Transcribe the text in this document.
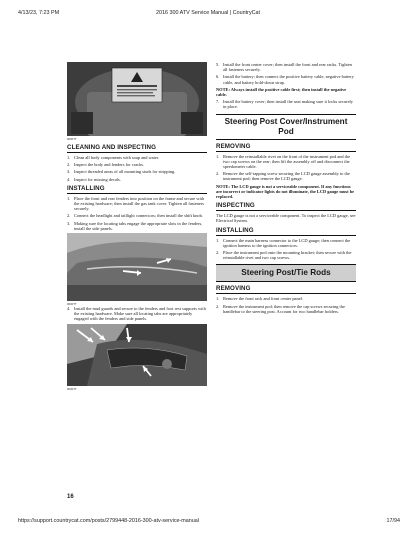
4/13/23, 7:23 PM	2016 300 ATV Service Manual | CountryCat
0000TT
CLEANING AND INSPECTING
1. Clean all body components with soap and water.
2. Inspect the body and fenders for cracks.
3. Inspect threaded areas of all mounting studs for stripping.
4. Inspect for missing decals.
INSTALLING
1. Place the front and rear fenders into position on the frame and secure with the existing hardware; then install the gas tank cover. Tighten all fasteners securely.
2. Connect the headlight and taillight connectors; then install the shift knob.
3. Making sure the locating tabs engage the appropriate slots in the fenders, install the side panels.
0000TT
4. Install the mud guards and secure to the fenders and foot rest supports with the existing hardware. Make sure all locating tabs are appropriately engaged with the fenders and side panels.
0000TT
16
5. Install the front center cover; then install the front and rear racks. Tighten all fasteners securely.
6. Install the battery; then connect the positive battery cable, negative battery cable, and battery hold-down strap.
NOTE: Always install the positive cable first; then install the negative cable.
7. Install the battery cover; then install the seat making sure it locks securely in place.
Steering Post Cover/Instrument Pod
REMOVING
1. Remove the reinstallable rivet on the front of the instrument pod and the two cap screws on the rear; then lift the assembly off and disconnect the speedometer cable.
2. Remove the self-tapping screw securing the LCD gauge assembly to the instrument pod; then remove the LCD gauge.
NOTE: The LCD gauge is not a serviceable component. If any functions are incorrect or indicator lights do not illuminate, the LCD gauge must be replaced.
INSPECTING
The LCD gauge is not a serviceable component. To inspect the LCD gauge, see Electrical System.
INSTALLING
1. Connect the main harness connector to the LCD gauge; then connect the ignition harness to the ignition connectors.
2. Place the instrument pod onto the mounting bracket; then secure with the reinstallable rivet and two cap screws.
Steering Post/Tie Rods
REMOVING
1. Remove the front rack and front center panel.
2. Remove the instrument pod; then remove the cap screws securing the handlebar to the steering post. Account for two handlebar holders.
https://support.countrycat.com/posts/2799448-2016-300-atv-service-manual	17/94
